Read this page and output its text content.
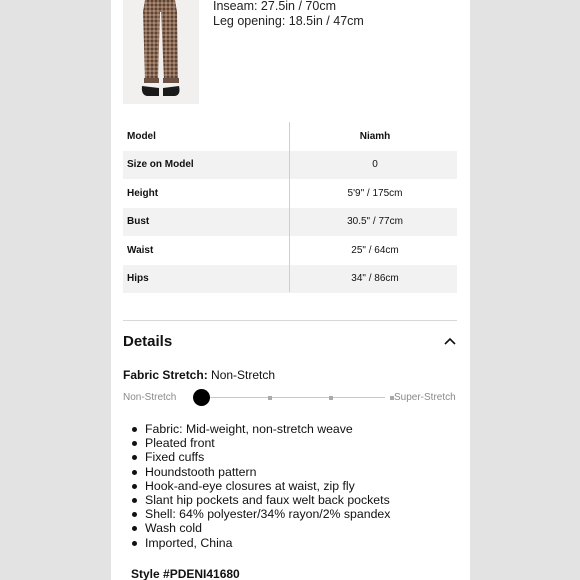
Inseam: 27.5in / 70cm
Leg opening: 18.5in / 47cm
Model	Niamh
Size on Model	0
Height	5'9" / 175cm
Bust	30.5" / 77cm
Waist	25" / 64cm
Hips	34" / 86cm
Details
Fabric Stretch: Non-Stretch
Non-Stretch	Super-Stretch
Fabric: Mid-weight, non-stretch weave
Pleated front
Fixed cuffs
Houndstooth pattern
Hook-and-eye closures at waist, zip fly
Slant hip pockets and faux welt back pockets
Shell: 64% polyester/34% rayon/2% spandex
Wash cold
Imported, China
Style #PDENI41680
